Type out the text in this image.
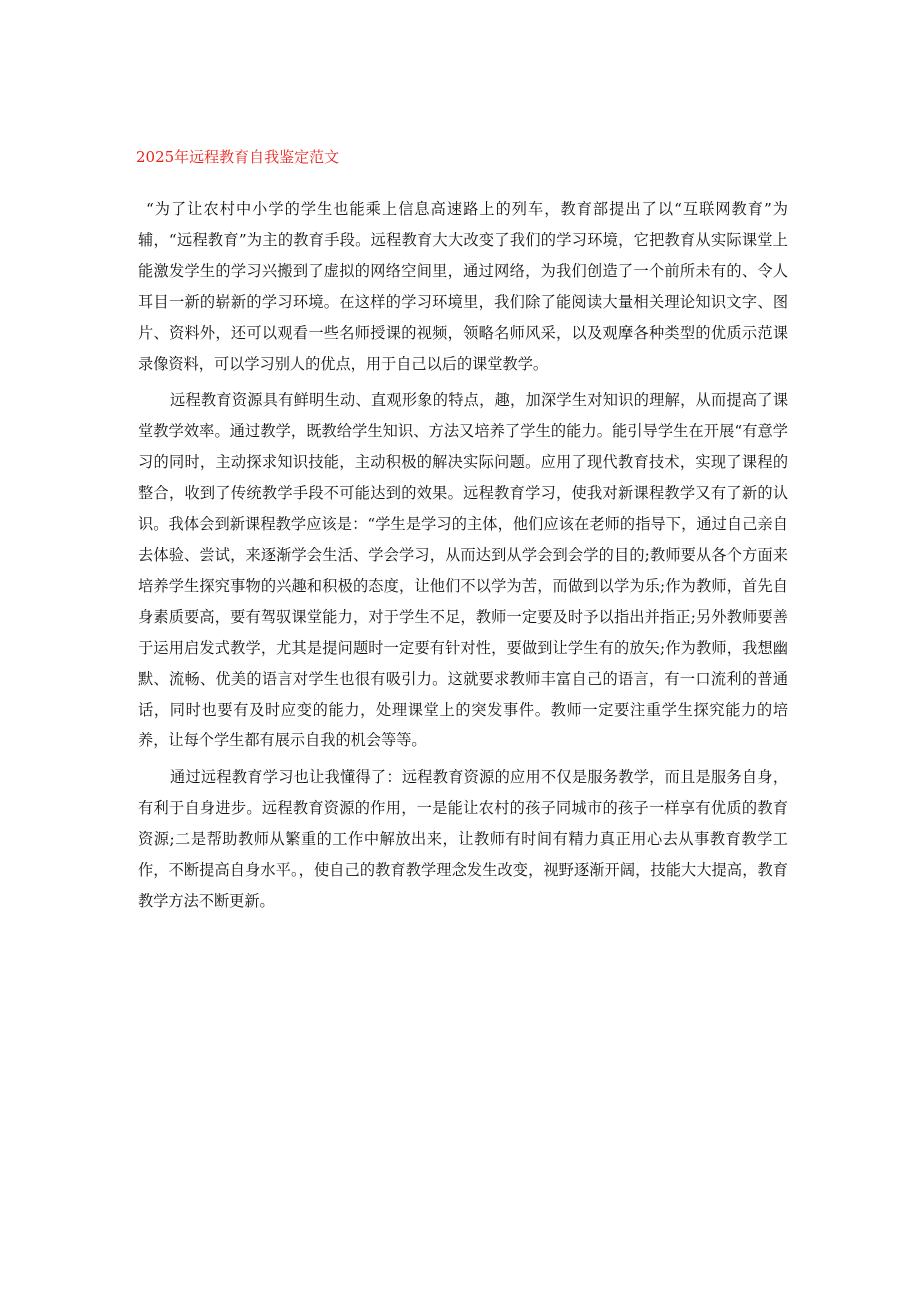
2025年远程教育自我鉴定范文

“为了让农村中小学的学生也能乘上信息高速路上的列车，教育部提出了以“互联网教育”为辅，“远程教育”为主的教育手段。远程教育大大改变了我们的学习环境，它把教育从实际课堂上能激发学生的学习兴搬到了虚拟的网络空间里，通过网络，为我们创造了一个前所未有的、令人耳目一新的崭新的学习环境。在这样的学习环境里，我们除了能阅读大量相关理论知识文字、图片、资料外，还可以观看一些名师授课的视频，领略名师风采，以及观摩各种类型的优质示范课录像资料，可以学习别人的优点，用于自己以后的课堂教学。

远程教育资源具有鲜明生动、直观形象的特点，趣，加深学生对知识的理解，从而提高了课堂教学效率。通过教学，既教给学生知识、方法又培养了学生的能力。能引导学生在开展“有意学习的同时，主动探求知识技能，主动积极的解决实际问题。应用了现代教育技术，实现了课程的整合，收到了传统教学手段不可能达到的效果。远程教育学习，使我对新课程教学又有了新的认识。我体会到新课程教学应该是：“学生是学习的主体，他们应该在老师的指导下，通过自己亲自去体验、尝试，来逐渐学会生活、学会学习，从而达到从学会到会学的目的;教师要从各个方面来培养学生探究事物的兴趣和积极的态度，让他们不以学为苦，而做到以学为乐;作为教师，首先自身素质要高，要有驾驭课堂能力，对于学生不足，教师一定要及时予以指出并指正;另外教师要善于运用启发式教学，尤其是提问题时一定要有针对性，要做到让学生有的放矢;作为教师，我想幽默、流畅、优美的语言对学生也很有吸引力。这就要求教师丰富自己的语言，有一口流利的普通话，同时也要有及时应变的能力，处理课堂上的突发事件。教师一定要注重学生探究能力的培养，让每个学生都有展示自我的机会等等。

通过远程教育学习也让我懂得了：远程教育资源的应用不仅是服务教学，而且是服务自身，有利于自身进步。远程教育资源的作用，一是能让农村的孩子同城市的孩子一样享有优质的教育资源;二是帮助教师从繁重的工作中解放出来，让教师有时间有精力真正用心去从事教育教学工作，不断提高自身水平。，使自己的教育教学理念发生改变，视野逐渐开阔，技能大大提高，教育教学方法不断更新。
